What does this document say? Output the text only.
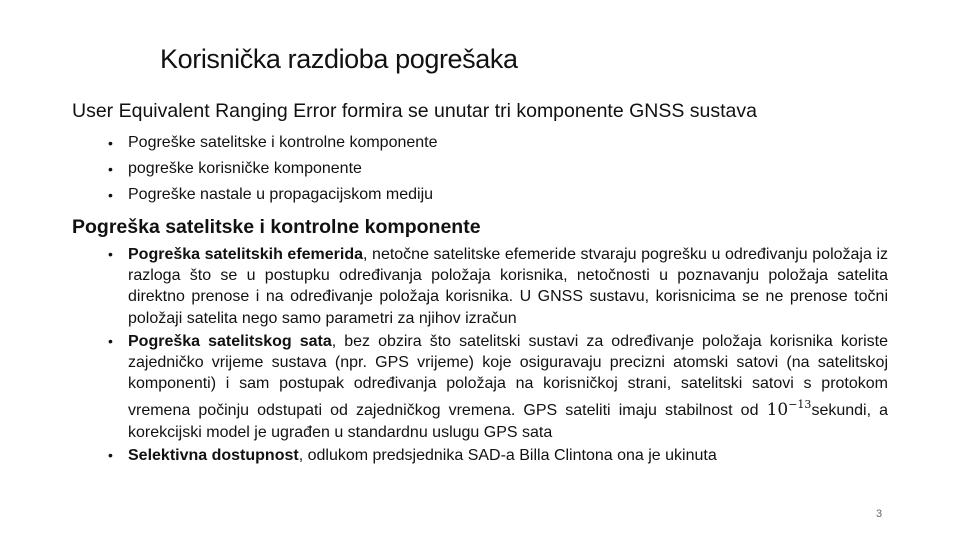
Korisnička razdioba pogrešaka
User Equivalent Ranging Error formira se unutar tri komponente GNSS sustava
• Pogreške satelitske i kontrolne komponente
• pogreške korisničke komponente
• Pogreške nastale u propagacijskom mediju
Pogreška satelitske i kontrolne komponente
• Pogreška satelitskih efemerida, netočne satelitske efemeride stvaraju pogrešku u određivanju položaja iz razloga što se u postupku određivanja položaja korisnika, netočnosti u poznavanju položaja satelita direktno prenose i na određivanje položaja korisnika. U GNSS sustavu, korisnicima se ne prenose točni položaji satelita nego samo parametri za njihov izračun
• Pogreška satelitskog sata, bez obzira što satelitski sustavi za određivanje položaja korisnika koriste zajedničko vrijeme sustava (npr. GPS vrijeme) koje osiguravaju precizni atomski satovi (na satelitskoj komponenti) i sam postupak određivanja položaja na korisničkoj strani, satelitski satovi s protokom vremena počinju odstupati od zajedničkog vremena. GPS sateliti imaju stabilnost od $10^{-13}sekundi$, a korekcijski model je ugrađen u standardnu uslugu GPS sata
• Selektivna dostupnost, odlukom predsjednika SAD-a Billa Clintona ona je ukinuta
3
